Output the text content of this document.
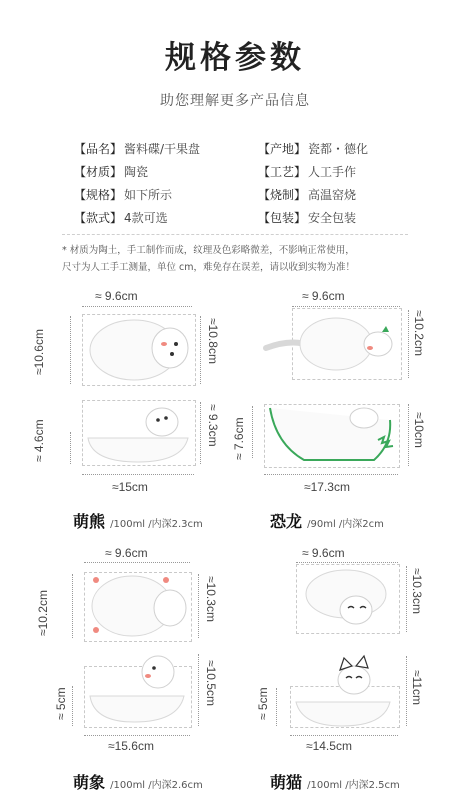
规格参数
助您理解更多产品信息
【品名】 酱料碟/干果盘
【材质】 陶瓷
【规格】 如下所示
【款式】 4款可选
【产地】 瓷都・德化
【工艺】 人工手作
【烧制】 高温窑烧
【包装】 安全包装
* 材质为陶土，手工制作而成，纹理及色彩略微差，不影响正常使用，
尺寸为人工手工测量，单位 cm，难免存在误差，请以收到实物为准！
≈ 9.6cm
≈10.6cm	≈10.8cm
≈ 9.3cm
≈ 4.6cm
≈15cm
萌熊 /100ml /内深2.3cm
≈ 9.6cm
≈10.2cm
≈ 7.6cm	≈10cm
≈17.3cm
恐龙 /90ml /内深2cm
≈ 9.6cm
≈10.2cm	≈10.3cm
≈10.5cm
≈ 5cm
≈15.6cm
萌象 /100ml /内深2.6cm
≈ 9.6cm
≈10.3cm
≈11cm
≈ 5cm
≈14.5cm
萌猫 /100ml /内深2.5cm
